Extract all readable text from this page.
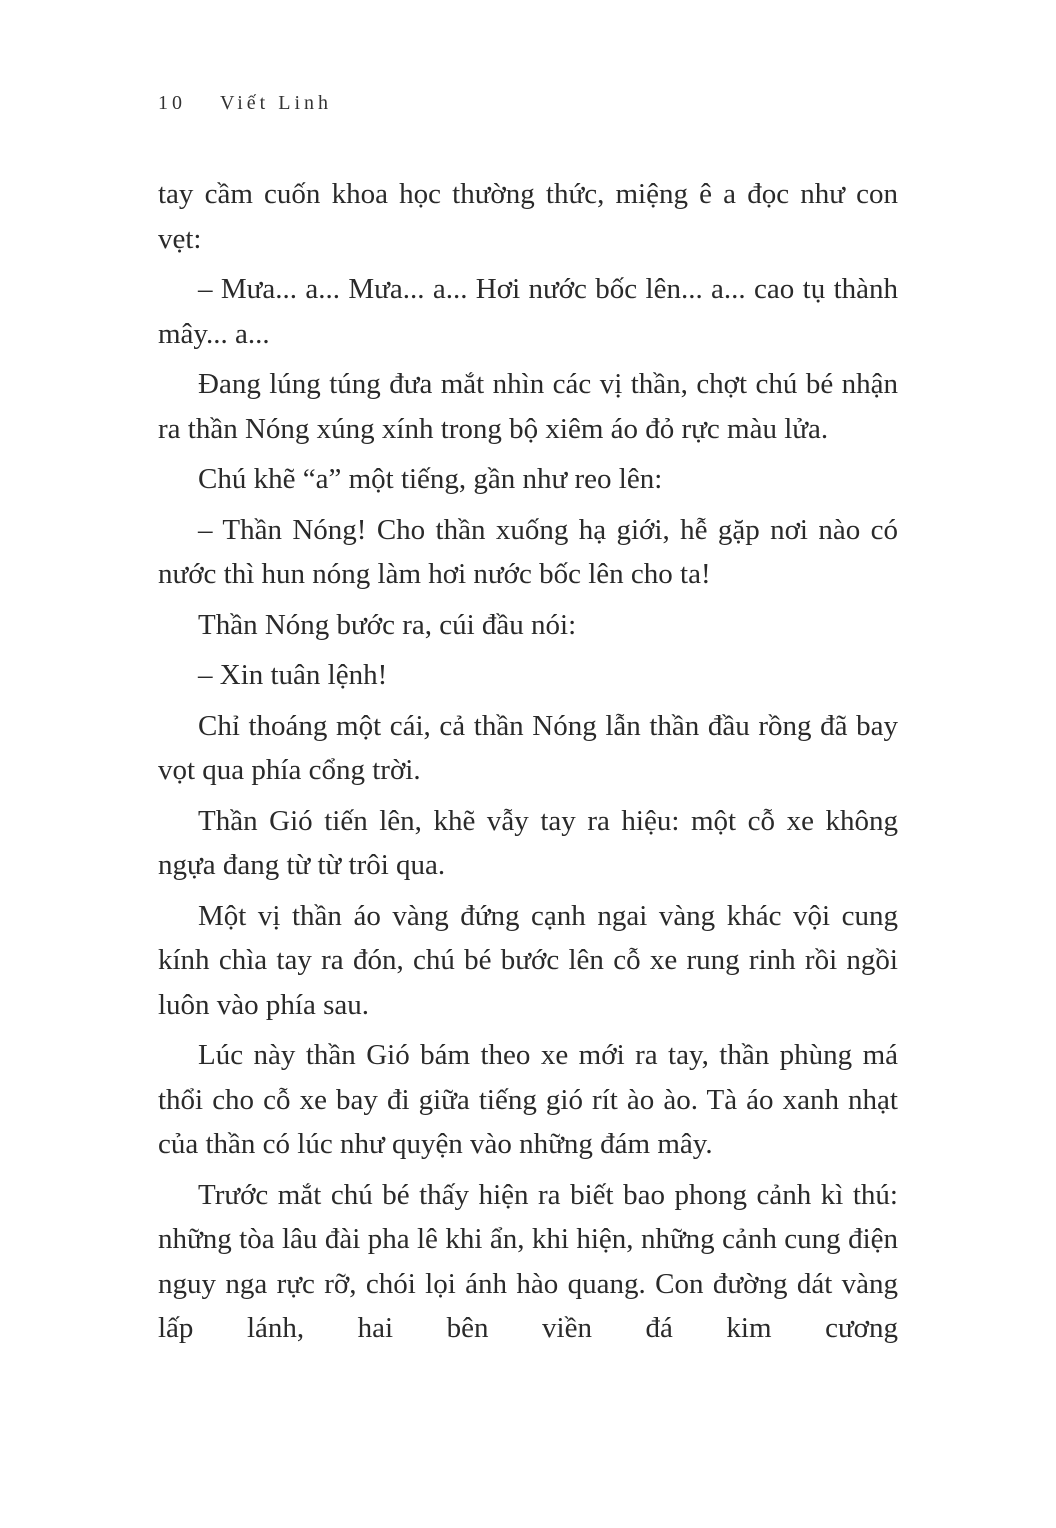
10 Viết Linh

tay cầm cuốn khoa học thường thức, miệng ê a đọc như con vẹt:

– Mưa... a... Mưa... a... Hơi nước bốc lên... a... cao tụ thành mây... a...

Đang lúng túng đưa mắt nhìn các vị thần, chợt chú bé nhận ra thần Nóng xúng xính trong bộ xiêm áo đỏ rực màu lửa.

Chú khẽ “a” một tiếng, gần như reo lên:

– Thần Nóng! Cho thần xuống hạ giới, hễ gặp nơi nào có nước thì hun nóng làm hơi nước bốc lên cho ta!

Thần Nóng bước ra, cúi đầu nói:

– Xin tuân lệnh!

Chỉ thoáng một cái, cả thần Nóng lẫn thần đầu rồng đã bay vọt qua phía cổng trời.

Thần Gió tiến lên, khẽ vẫy tay ra hiệu: một cỗ xe không ngựa đang từ từ trôi qua.

Một vị thần áo vàng đứng cạnh ngai vàng khác vội cung kính chìa tay ra đón, chú bé bước lên cỗ xe rung rinh rồi ngồi luôn vào phía sau.

Lúc này thần Gió bám theo xe mới ra tay, thần phùng má thổi cho cỗ xe bay đi giữa tiếng gió rít ào ào. Tà áo xanh nhạt của thần có lúc như quyện vào những đám mây.

Trước mắt chú bé thấy hiện ra biết bao phong cảnh kì thú: những tòa lâu đài pha lê khi ẩn, khi hiện, những cảnh cung điện nguy nga rực rỡ, chói lọi ánh hào quang. Con đường dát vàng lấp lánh, hai bên viền đá kim cương
